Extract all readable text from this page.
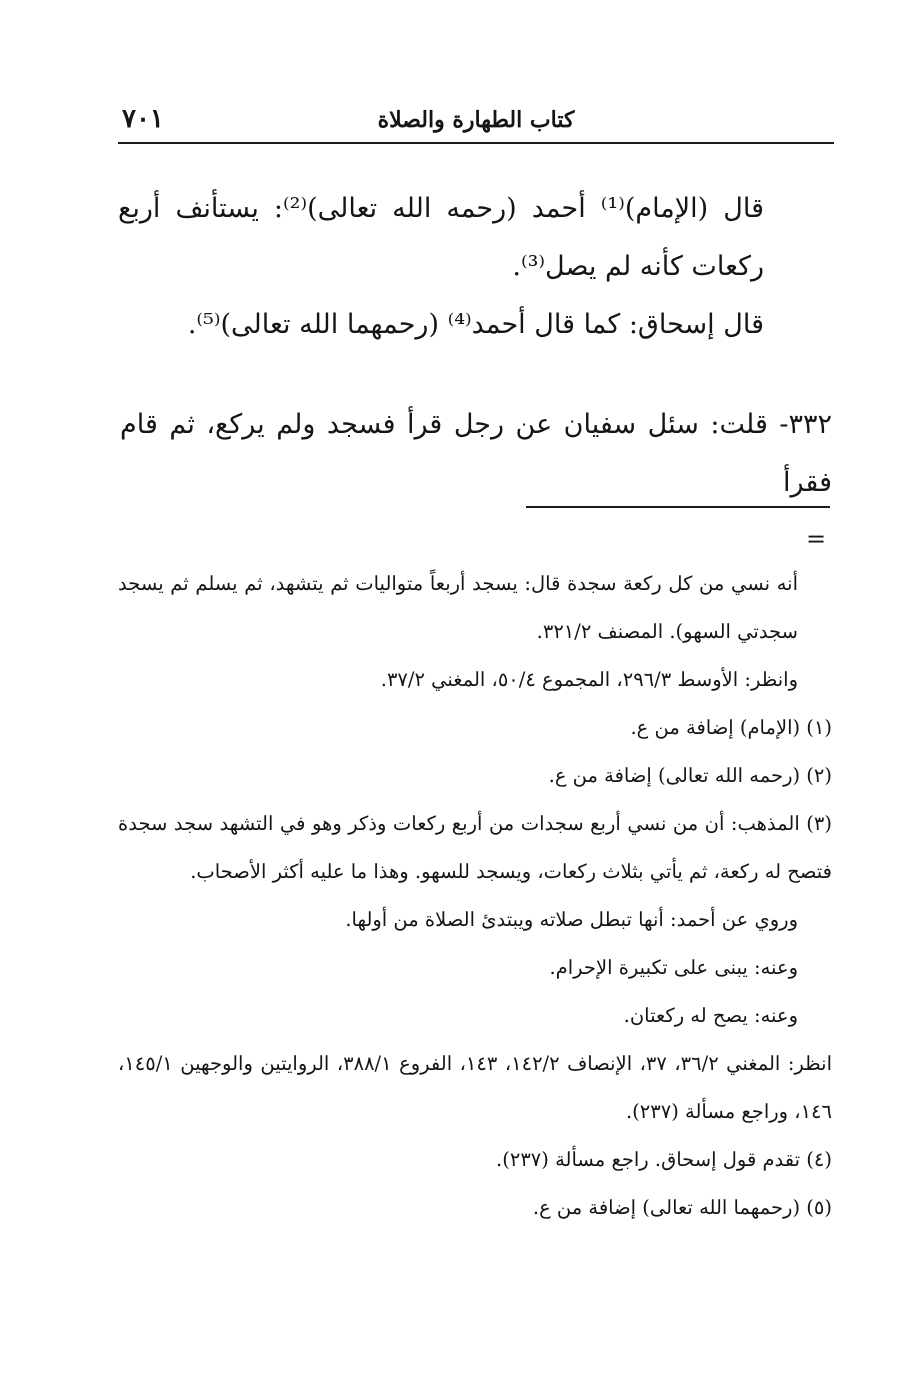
٧٠١	كتاب الطهارة والصلاة

قال (الإمام)⁽¹⁾ أحمد (رحمه الله تعالى)⁽²⁾: يستأنف أربع ركعات كأنه لم يصل⁽³⁾.

قال إسحاق: كما قال أحمد⁽⁴⁾ (رحمهما الله تعالى)⁽⁵⁾.

٣٣٢- قلت: سئل سفيان عن رجل قرأ فسجد ولم يركع، ثم قام فقرأ

=

أنه نسي من كل ركعة سجدة قال: يسجد أربعاً متواليات ثم يتشهد، ثم يسلم ثم يسجد سجدتي السهو). المصنف ٣٢١/٢.

وانظر: الأوسط ٢٩٦/٣، المجموع ٥٠/٤، المغني ٣٧/٢.

(١) (الإمام) إضافة من ع.

(٢) (رحمه الله تعالى) إضافة من ع.

(٣) المذهب: أن من نسي أربع سجدات من أربع ركعات وذكر وهو في التشهد سجد سجدة فتصح له ركعة، ثم يأتي بثلاث ركعات، ويسجد للسهو. وهذا ما عليه أكثر الأصحاب.

وروي عن أحمد: أنها تبطل صلاته ويبتدئ الصلاة من أولها.

وعنه: يبنى على تكبيرة الإحرام.

وعنه: يصح له ركعتان.

انظر: المغني ٣٦/٢، ٣٧، الإنصاف ١٤٢/٢، ١٤٣، الفروع ٣٨٨/١، الروايتين والوجهين ١٤٥/١، ١٤٦، وراجع مسألة (٢٣٧).

(٤) تقدم قول إسحاق. راجع مسألة (٢٣٧).

(٥) (رحمهما الله تعالى) إضافة من ع.
